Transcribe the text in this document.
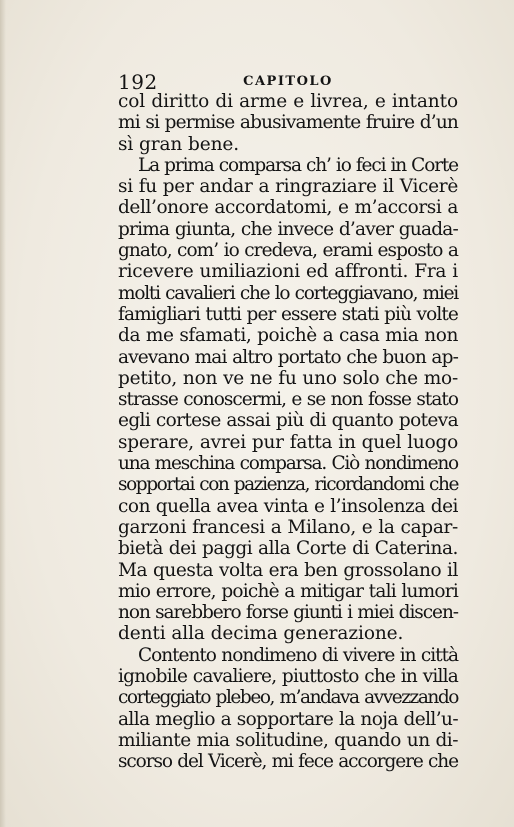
192	CAPITOLO
col diritto di arme e livrea, e intanto
mi si permise abusivamente fruire d’un
sì gran bene.
La prima comparsa ch’ io feci in Corte
si fu per andar a ringraziare il Vicerè
dell’onore accordatomi, e m’accorsi a
prima giunta, che invece d’aver guada-
gnato, com’ io credeva, erami esposto a
ricevere umiliazioni ed affronti. Fra i
molti cavalieri che lo corteggiavano, miei
famigliari tutti per essere stati più volte
da me sfamati, poichè a casa mia non
avevano mai altro portato che buon ap-
petito, non ve ne fu uno solo che mo-
strasse conoscermi, e se non fosse stato
egli cortese assai più di quanto poteva
sperare, avrei pur fatta in quel luogo
una meschina comparsa. Ciò nondimeno
sopportai con pazienza, ricordandomi che
con quella avea vinta e l’insolenza dei
garzoni francesi a Milano, e la capar-
bietà dei paggi alla Corte di Caterina.
Ma questa volta era ben grossolano il
mio errore, poichè a mitigar tali lumori
non sarebbero forse giunti i miei discen-
denti alla decima generazione.
Contento nondimeno di vivere in città
ignobile cavaliere, piuttosto che in villa
corteggiato plebeo, m’andava avvezzando
alla meglio a sopportare la noja dell’u-
miliante mia solitudine, quando un di-
scorso del Vicerè, mi fece accorgere che
